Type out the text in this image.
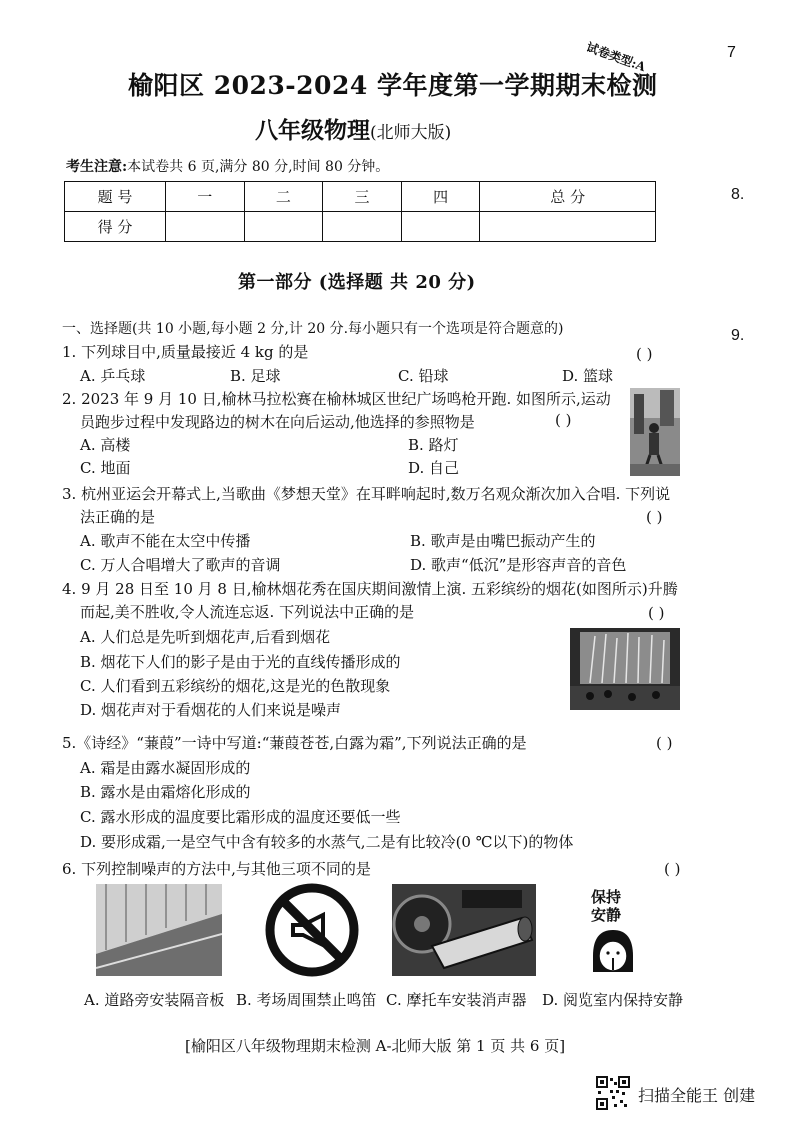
试卷类型:A	7
8.
9.
榆阳区 2023-2024 学年度第一学期期末检测
八年级物理(北师大版)
考生注意:本试卷共 6 页,满分 80 分,时间 80 分钟。
题 号	一	二	三	四	总 分
得 分					
第一部分 (选择题 共 20 分)
一、选择题(共 10 小题,每小题 2 分,计 20 分.每小题只有一个选项是符合题意的)
1. 下列球目中,质量最接近 4 kg 的是	( )
A. 乒乓球	B. 足球	C. 铅球	D. 篮球
2. 2023 年 9 月 10 日,榆林马拉松赛在榆林城区世纪广场鸣枪开跑. 如图所示,运动
员跑步过程中发现路边的树木在向后运动,他选择的参照物是	( )
A. 高楼	B. 路灯
C. 地面	D. 自己
3. 杭州亚运会开幕式上,当歌曲《梦想天堂》在耳畔响起时,数万名观众渐次加入合唱. 下列说
法正确的是	( )
A. 歌声不能在太空中传播	B. 歌声是由嘴巴振动产生的
C. 万人合唱增大了歌声的音调	D. 歌声“低沉”是形容声音的音色
4. 9 月 28 日至 10 月 8 日,榆林烟花秀在国庆期间激情上演. 五彩缤纷的烟花(如图所示)升腾
而起,美不胜收,令人流连忘返. 下列说法中正确的是	( )
A. 人们总是先听到烟花声,后看到烟花
B. 烟花下人们的影子是由于光的直线传播形成的
C. 人们看到五彩缤纷的烟花,这是光的色散现象
D. 烟花声对于看烟花的人们来说是噪声
5.《诗经》“蒹葭”一诗中写道:“蒹葭苍苍,白露为霜”,下列说法正确的是	( )
A. 霜是由露水凝固形成的
B. 露水是由霜熔化形成的
C. 露水形成的温度要比霜形成的温度还要低一些
D. 要形成霜,一是空气中含有较多的水蒸气,二是有比较冷(0 ℃以下)的物体
6. 下列控制噪声的方法中,与其他三项不同的是	( )
保持
安静
A. 道路旁安装隔音板 B. 考场周围禁止鸣笛 C. 摩托车安装消声器 D. 阅览室内保持安静
[榆阳区八年级物理期末检测 A-北师大版 第 1 页 共 6 页]
扫描全能王 创建
